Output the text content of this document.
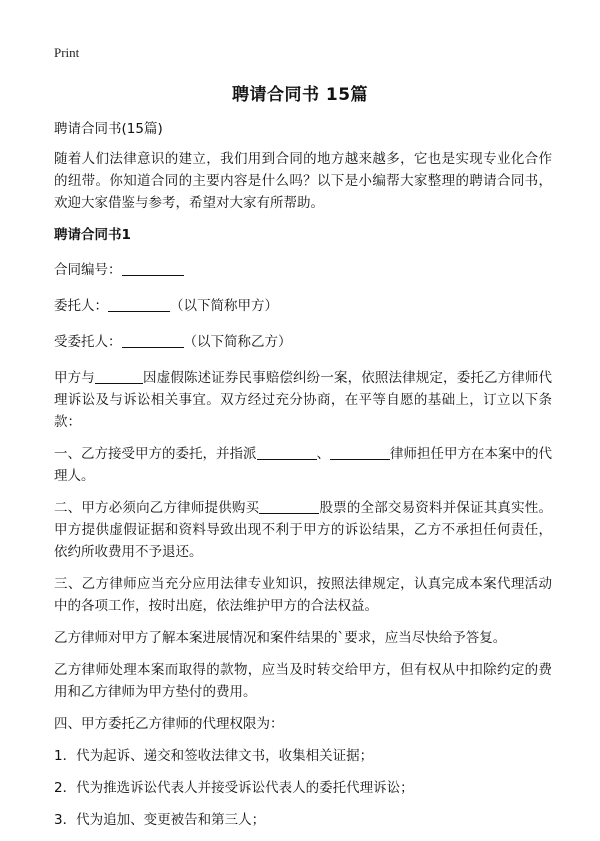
Print
聘请合同书 15篇

聘请合同书(15篇)

随着人们法律意识的建立，我们用到合同的地方越来越多，它也是实现专业化合作的纽带。你知道合同的主要内容是什么吗？以下是小编帮大家整理的聘请合同书，欢迎大家借鉴与参考，希望对大家有所帮助。

聘请合同书1

合同编号：

委托人：	（以下简称甲方）

受委托人：	（以下简称乙方）

甲方与	因虚假陈述证券民事赔偿纠纷一案，依照法律规定，委托乙方律师代理诉讼及与诉讼相关事宜。双方经过充分协商，在平等自愿的基础上，订立以下条款：

一、乙方接受甲方的委托，并指派	、	律师担任甲方在本案中的代理人。

二、甲方必须向乙方律师提供购买	股票的全部交易资料并保证其真实性。甲方提供虚假证据和资料导致出现不利于甲方的诉讼结果，乙方不承担任何责任，依约所收费用不予退还。

三、乙方律师应当充分应用法律专业知识，按照法律规定，认真完成本案代理活动中的各项工作，按时出庭，依法维护甲方的合法权益。

乙方律师对甲方了解本案进展情况和案件结果的`要求，应当尽快给予答复。

乙方律师处理本案而取得的款物，应当及时转交给甲方，但有权从中扣除约定的费用和乙方律师为甲方垫付的费用。

四、甲方委托乙方律师的代理权限为：

1．代为起诉、递交和签收法律文书，收集相关证据；

2．代为推选诉讼代表人并接受诉讼代表人的委托代理诉讼；

3．代为追加、变更被告和第三人；
